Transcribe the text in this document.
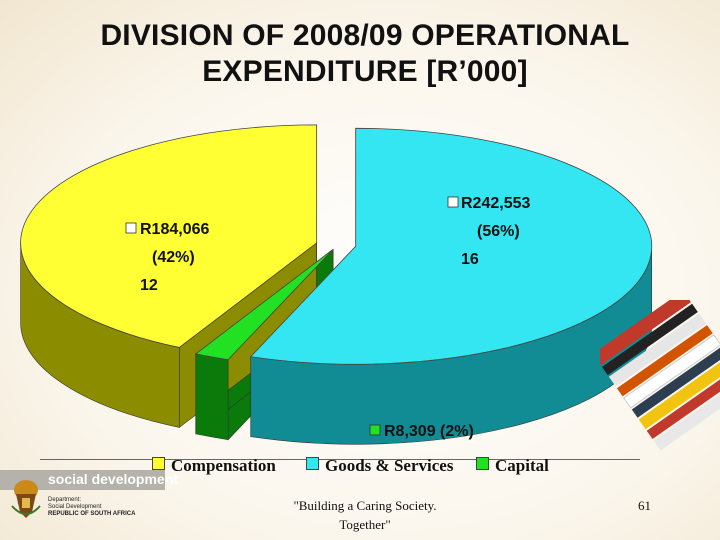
DIVISION OF 2008/09 OPERATIONAL
EXPENDITURE [R’000]
R184,066
(42%)
12
R242,553
(56%)
16
R8,309 (2%)
Compensation	Goods & Services	Capital
social development
Department:
Social Development
REPUBLIC OF SOUTH AFRICA
"Building a Caring Society.
Together"
61
